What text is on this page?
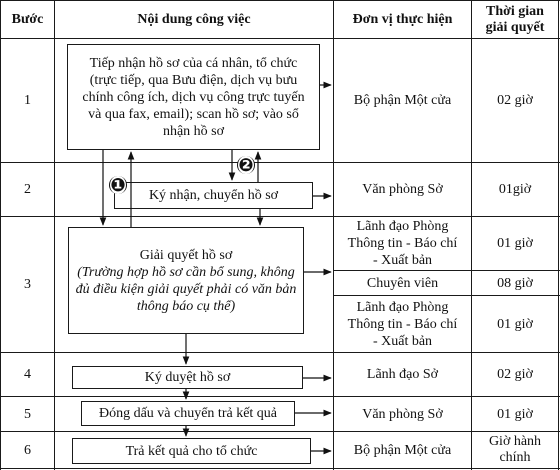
Bước	Nội dung công việc	Đơn vị thực hiện
Thời gian giải quyết
1
2
3
4
5
6
Bộ phận Một cửa
Văn phòng Sở
Lãnh đạo Phòng Thông tin - Báo chí - Xuất bản
Chuyên viên
Lãnh đạo Phòng Thông tin - Báo chí - Xuất bản
Lãnh đạo Sở
Văn phòng Sở
Bộ phận Một cửa
02 giờ
01giờ
01 giờ
08 giờ
01 giờ
02 giờ
01 giờ
Giờ hành chính
Tiếp nhận hồ sơ của cá nhân, tổ chức (trực tiếp, qua Bưu điện, dịch vụ bưu chính công ích, dịch vụ công trực tuyến và qua fax, email); scan hồ sơ; vào sổ nhận hồ sơ
Ký nhận, chuyển hồ sơ
Giải quyết hồ sơ
(Trường hợp hồ sơ cần bổ sung, không đủ điều kiện giải quyết phải có văn bản thông báo cụ thể)
Ký duyệt hồ sơ
Đóng dấu và chuyển trả kết quả
Trả kết quả cho tổ chức
❶
❷
